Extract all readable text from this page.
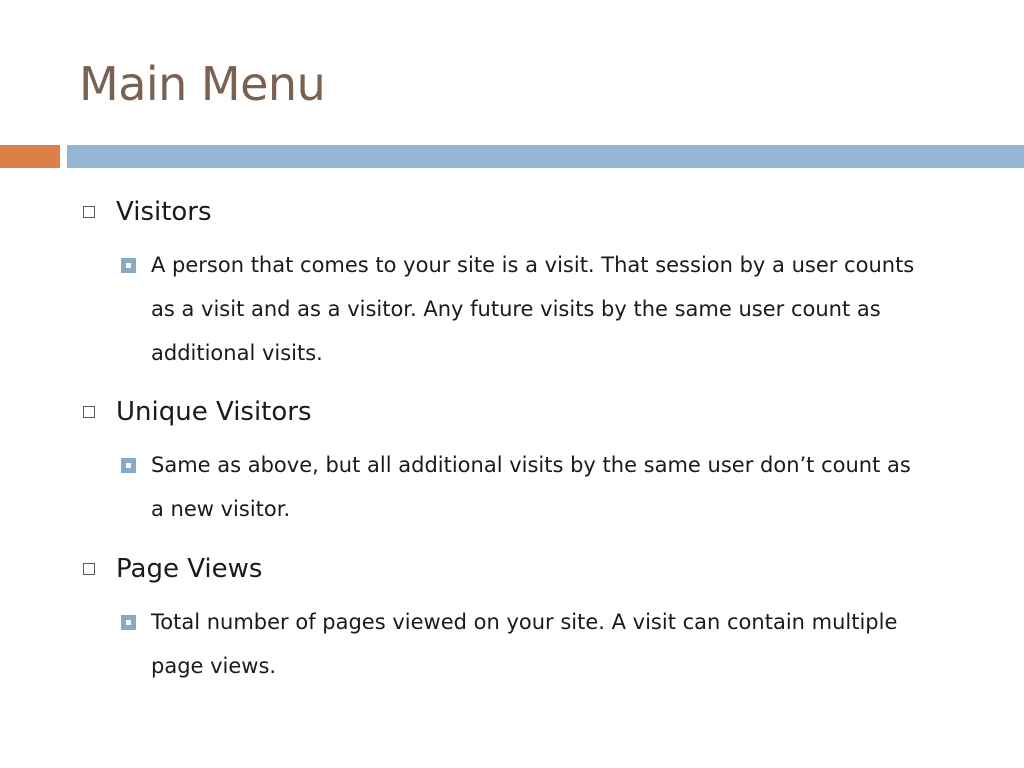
Main Menu
Visitors
A person that comes to your site is a visit. That session by a user counts as a visit and as a visitor. Any future visits by the same user count as additional visits.
Unique Visitors
Same as above, but all additional visits by the same user don’t count as a new visitor.
Page Views
Total number of pages viewed on your site. A visit can contain multiple page views.
